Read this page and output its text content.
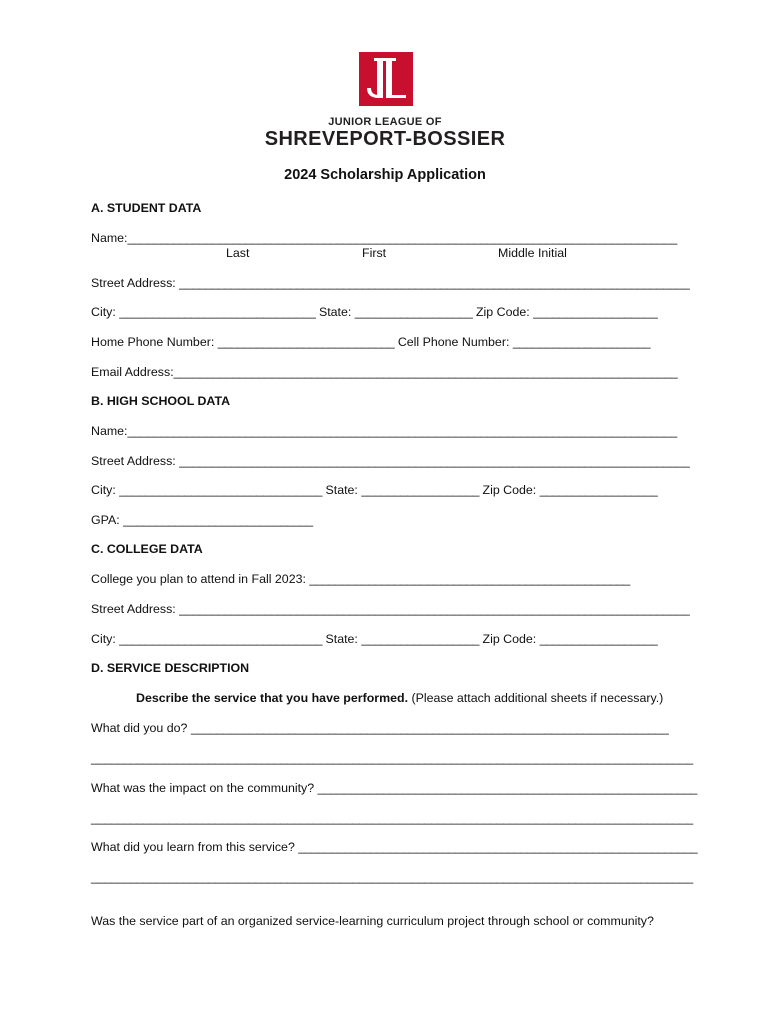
JUNIOR LEAGUE OF
SHREVEPORT-BOSSIER
2024 Scholarship Application
A. STUDENT DATA
Name:____________________________________________________________________________________
Last	First	Middle Initial
Street Address: ______________________________________________________________________________
City: ______________________________ State: __________________ Zip Code: ___________________
Home Phone Number: ___________________________ Cell Phone Number: _____________________
Email Address:_____________________________________________________________________________
B. HIGH SCHOOL DATA
Name:____________________________________________________________________________________
Street Address: ______________________________________________________________________________
City: _______________________________ State: __________________ Zip Code: __________________
GPA: _____________________________
C. COLLEGE DATA
College you plan to attend in Fall 2023: _________________________________________________
Street Address: ______________________________________________________________________________
City: _______________________________ State: __________________ Zip Code: __________________
D. SERVICE DESCRIPTION
Describe the service that you have performed. (Please attach additional sheets if necessary.)
What did you do? _________________________________________________________________________
____________________________________________________________________________________________
What was the impact on the community? __________________________________________________________
____________________________________________________________________________________________
What did you learn from this service? _____________________________________________________________
____________________________________________________________________________________________
Was the service part of an organized service-learning curriculum project through school or community?
